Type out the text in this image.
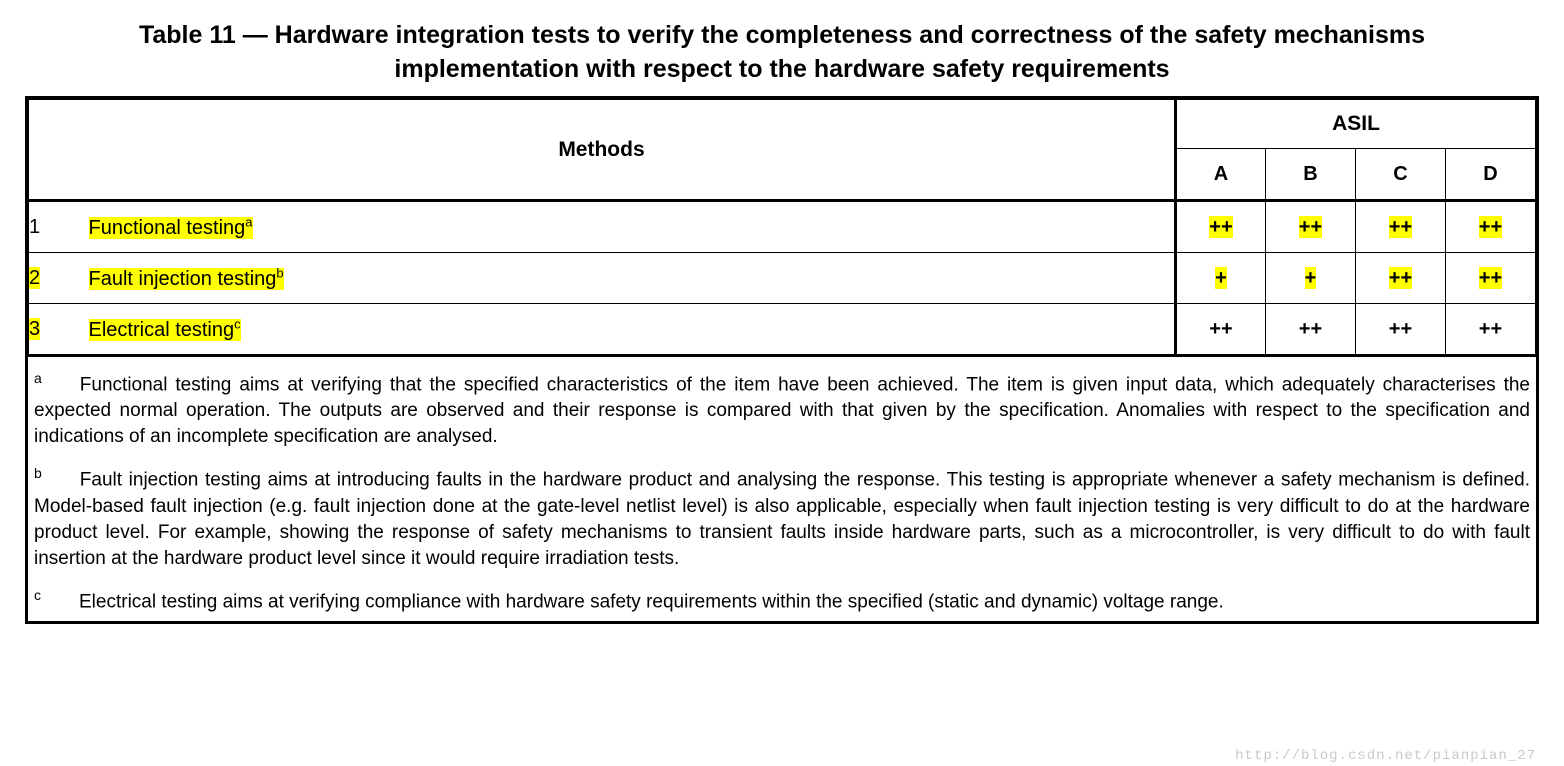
Table 11 — Hardware integration tests to verify the completeness and correctness of the safety mechanisms implementation with respect to the hardware safety requirements
Methods		ASIL			
		A	B	C	D
1	Functional testing$^a$	++	++	++	++
2	Fault injection testing$^b$	+	+	++	++
3	Electrical testing$^c$	++	++	++	++
$^a$ Functional testing aims at verifying that the specified characteristics of the item have been achieved. The item is given input data, which adequately characterises the expected normal operation. The outputs are observed and their response is compared with that given by the specification. Anomalies with respect to the specification and indications of an incomplete specification are analysed.
$^b$ Fault injection testing aims at introducing faults in the hardware product and analysing the response. This testing is appropriate whenever a safety mechanism is defined. Model-based fault injection (e.g. fault injection done at the gate-level netlist level) is also applicable, especially when fault injection testing is very difficult to do at the hardware product level. For example, showing the response of safety mechanisms to transient faults inside hardware parts, such as a microcontroller, is very difficult to do with fault insertion at the hardware product level since it would require irradiation tests.
$^c$ Electrical testing aims at verifying compliance with hardware safety requirements within the specified (static and dynamic) voltage range.
http://blog.csdn.net/pianpian_27
